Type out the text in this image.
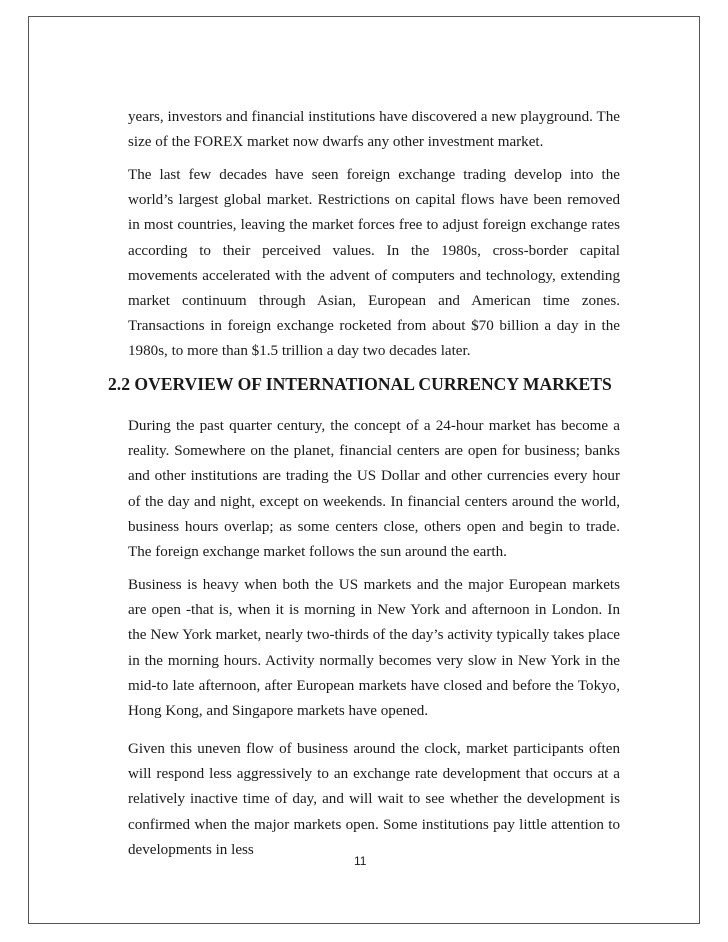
years, investors and financial institutions have discovered a new playground. The size of the FOREX market now dwarfs any other investment market.

The last few decades have seen foreign exchange trading develop into the world’s largest global market. Restrictions on capital flows have been removed in most countries, leaving the market forces free to adjust foreign exchange rates according to their perceived values. In the 1980s, cross-border capital movements accelerated with the advent of computers and technology, extending market continuum through Asian, European and American time zones. Transactions in foreign exchange rocketed from about $70 billion a day in the 1980s, to more than $1.5 trillion a day two decades later.

2.2 OVERVIEW OF INTERNATIONAL CURRENCY MARKETS

During the past quarter century, the concept of a 24-hour market has become a reality. Somewhere on the planet, financial centers are open for business; banks and other institutions are trading the US Dollar and other currencies every hour of the day and night, except on weekends. In financial centers around the world, business hours overlap; as some centers close, others open and begin to trade. The foreign exchange market follows the sun around the earth.

Business is heavy when both the US markets and the major European markets are open -that is, when it is morning in New York and afternoon in London. In the New York market, nearly two-thirds of the day’s activity typically takes place in the morning hours. Activity normally becomes very slow in New York in the mid-to late afternoon, after European markets have closed and before the Tokyo, Hong Kong, and Singapore markets have opened.

Given this uneven flow of business around the clock, market participants often will respond less aggressively to an exchange rate development that occurs at a relatively inactive time of day, and will wait to see whether the development is confirmed when the major markets open. Some institutions pay little attention to developments in less

11
